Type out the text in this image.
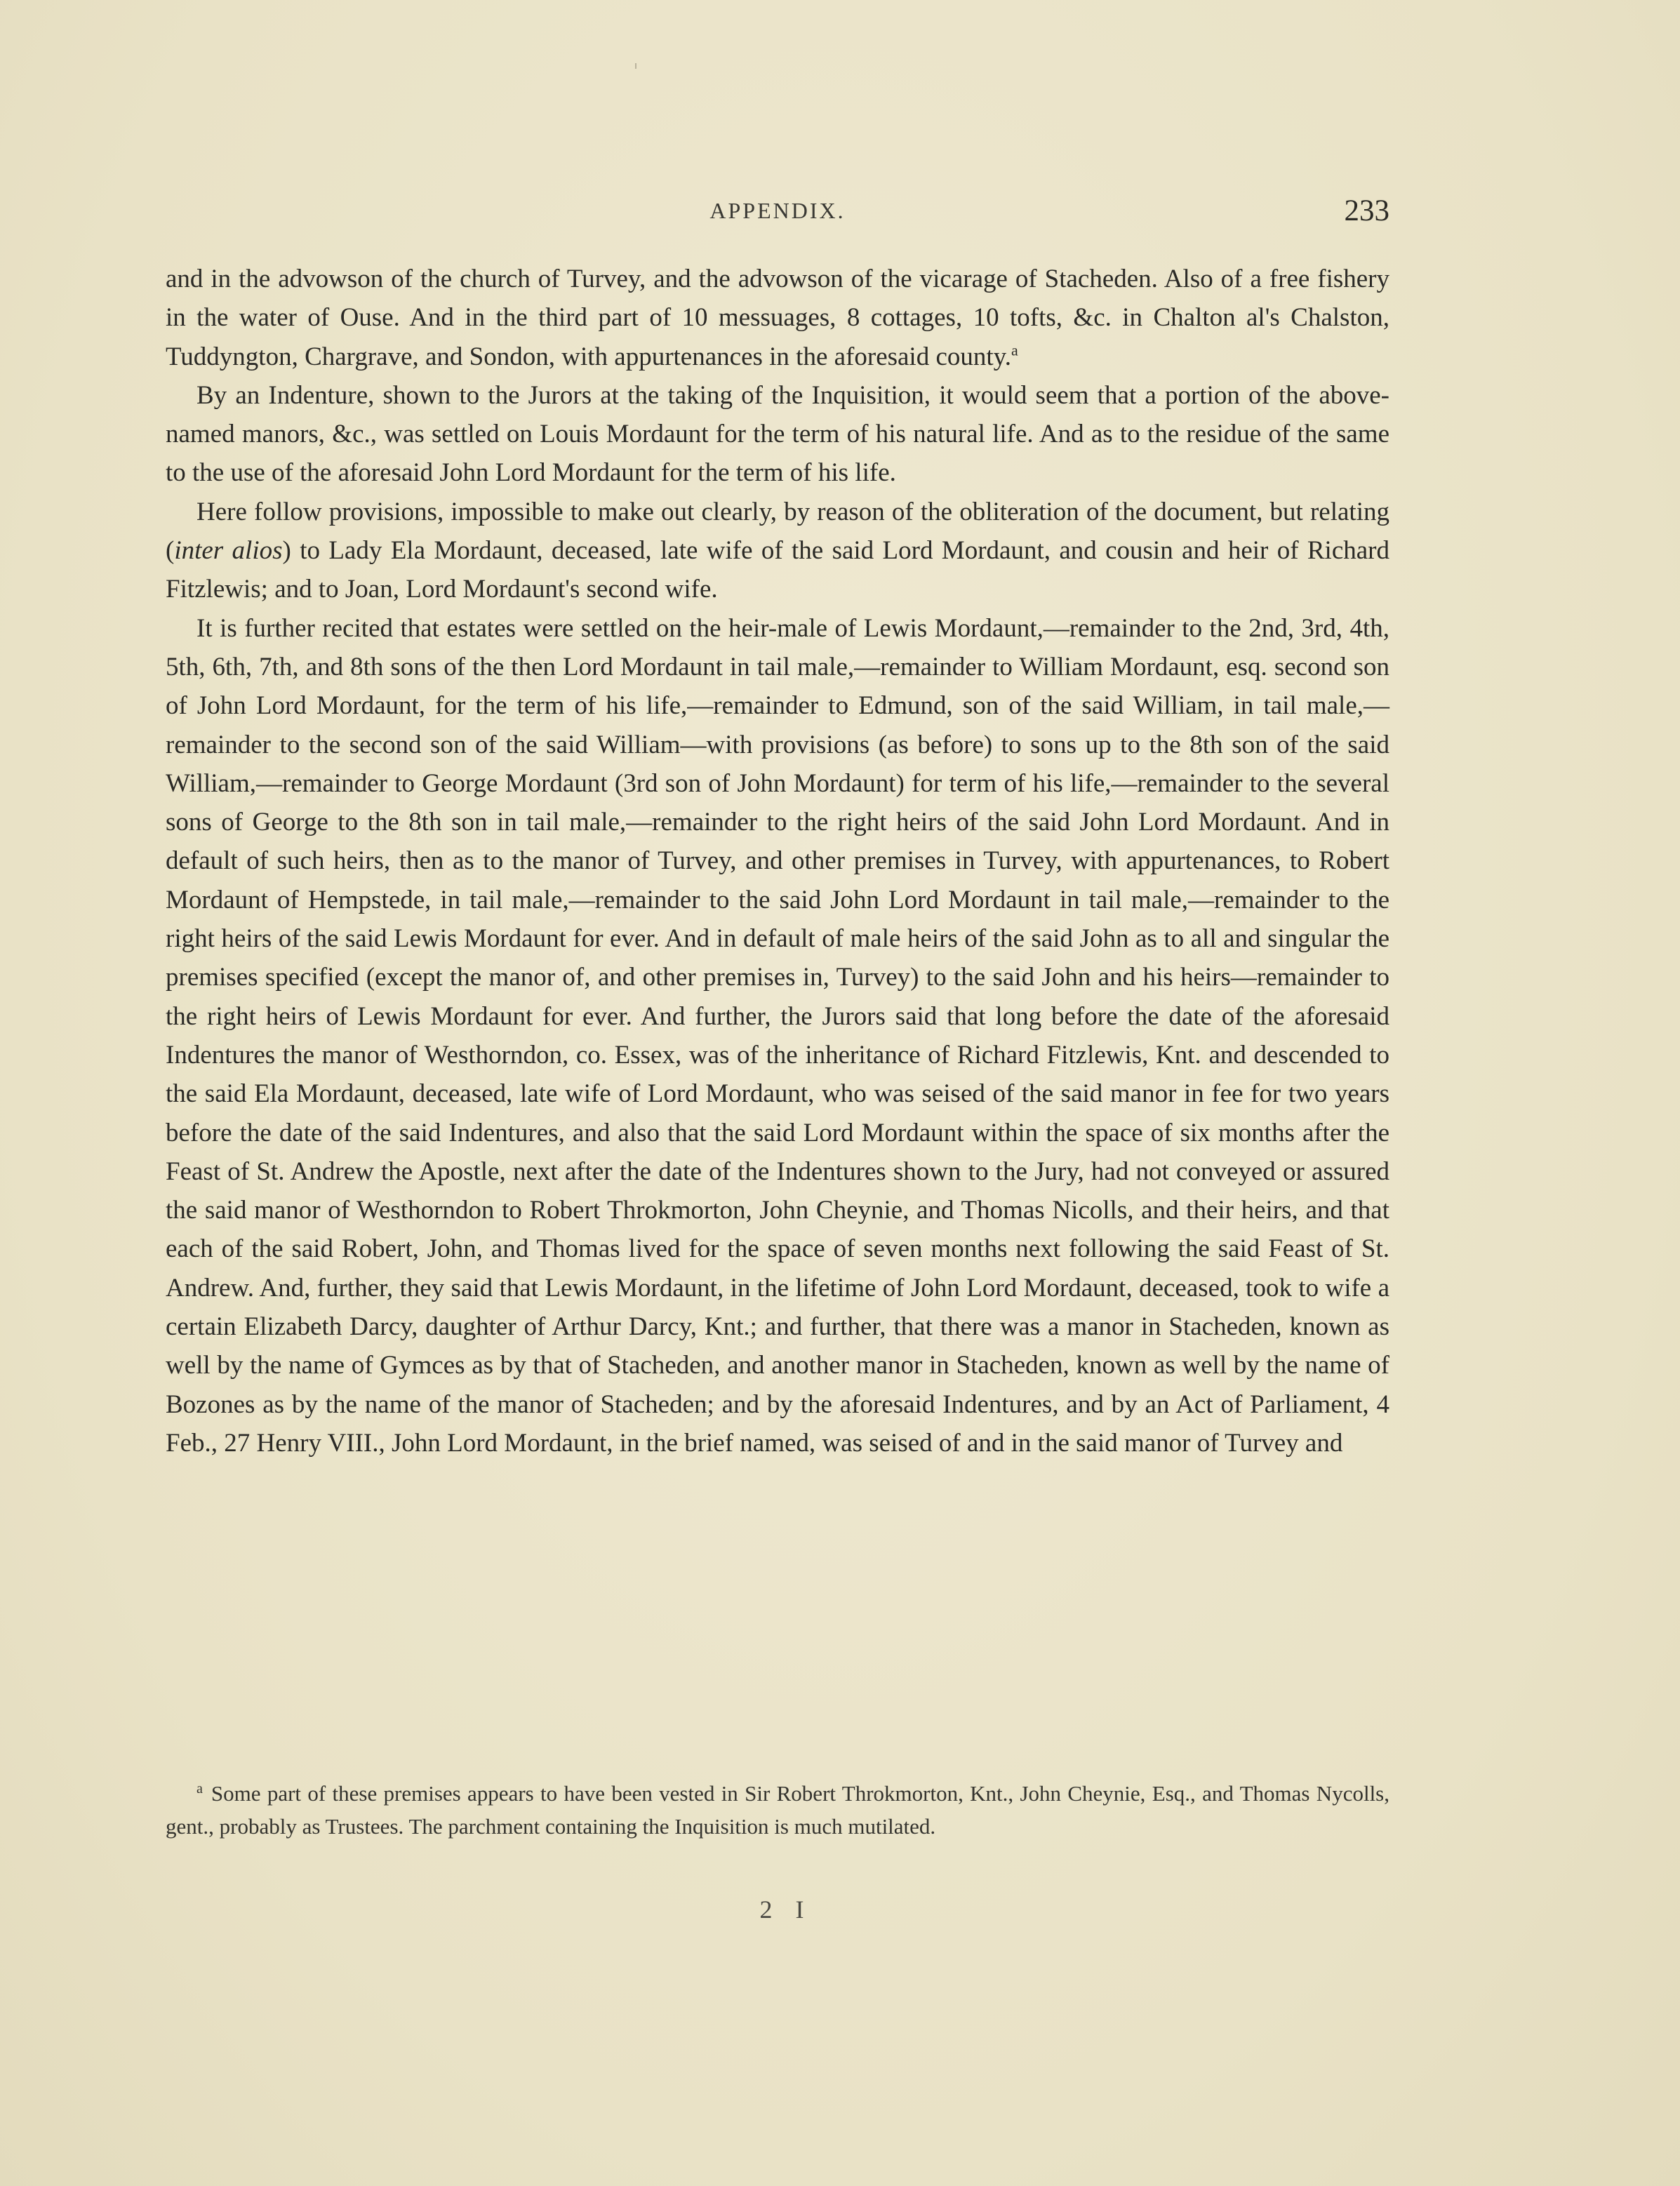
APPENDIX.	233

and in the advowson of the church of Turvey, and the advowson of the vicarage of Stacheden. Also of a free fishery in the water of Ouse. And in the third part of 10 messuages, 8 cottages, 10 tofts, &c. in Chalton al's Chalston, Tuddyngton, Chargrave, and Sondon, with appurtenances in the aforesaid county.$^a$

By an Indenture, shown to the Jurors at the taking of the Inquisition, it would seem that a portion of the above-named manors, &c., was settled on Louis Mordaunt for the term of his natural life. And as to the residue of the same to the use of the aforesaid John Lord Mordaunt for the term of his life.

Here follow provisions, impossible to make out clearly, by reason of the obliteration of the document, but relating (inter alios) to Lady Ela Mordaunt, deceased, late wife of the said Lord Mordaunt, and cousin and heir of Richard Fitzlewis; and to Joan, Lord Mordaunt's second wife.

It is further recited that estates were settled on the heir-male of Lewis Mordaunt,—remainder to the 2nd, 3rd, 4th, 5th, 6th, 7th, and 8th sons of the then Lord Mordaunt in tail male,—remainder to William Mordaunt, esq. second son of John Lord Mordaunt, for the term of his life,—remainder to Edmund, son of the said William, in tail male,—remainder to the second son of the said William—with provisions (as before) to sons up to the 8th son of the said William,—remainder to George Mordaunt (3rd son of John Mordaunt) for term of his life,—remainder to the several sons of George to the 8th son in tail male,—remainder to the right heirs of the said John Lord Mordaunt. And in default of such heirs, then as to the manor of Turvey, and other premises in Turvey, with appurtenances, to Robert Mordaunt of Hempstede, in tail male,—remainder to the said John Lord Mordaunt in tail male,—remainder to the right heirs of the said Lewis Mordaunt for ever. And in default of male heirs of the said John as to all and singular the premises specified (except the manor of, and other premises in, Turvey) to the said John and his heirs—remainder to the right heirs of Lewis Mordaunt for ever. And further, the Jurors said that long before the date of the aforesaid Indentures the manor of Westhorndon, co. Essex, was of the inheritance of Richard Fitzlewis, Knt. and descended to the said Ela Mordaunt, deceased, late wife of Lord Mordaunt, who was seised of the said manor in fee for two years before the date of the said Indentures, and also that the said Lord Mordaunt within the space of six months after the Feast of St. Andrew the Apostle, next after the date of the Indentures shown to the Jury, had not conveyed or assured the said manor of Westhorndon to Robert Throkmorton, John Cheynie, and Thomas Nicolls, and their heirs, and that each of the said Robert, John, and Thomas lived for the space of seven months next following the said Feast of St. Andrew. And, further, they said that Lewis Mordaunt, in the lifetime of John Lord Mordaunt, deceased, took to wife a certain Elizabeth Darcy, daughter of Arthur Darcy, Knt.; and further, that there was a manor in Stacheden, known as well by the name of Gymces as by that of Stacheden, and another manor in Stacheden, known as well by the name of Bozones as by the name of the manor of Stacheden; and by the aforesaid Indentures, and by an Act of Parliament, 4 Feb., 27 Henry VIII., John Lord Mordaunt, in the brief named, was seised of and in the said manor of Turvey and

$^a$ Some part of these premises appears to have been vested in Sir Robert Throkmorton, Knt., John Cheynie, Esq., and Thomas Nycolls, gent., probably as Trustees. The parchment containing the Inquisition is much mutilated.
2 I
